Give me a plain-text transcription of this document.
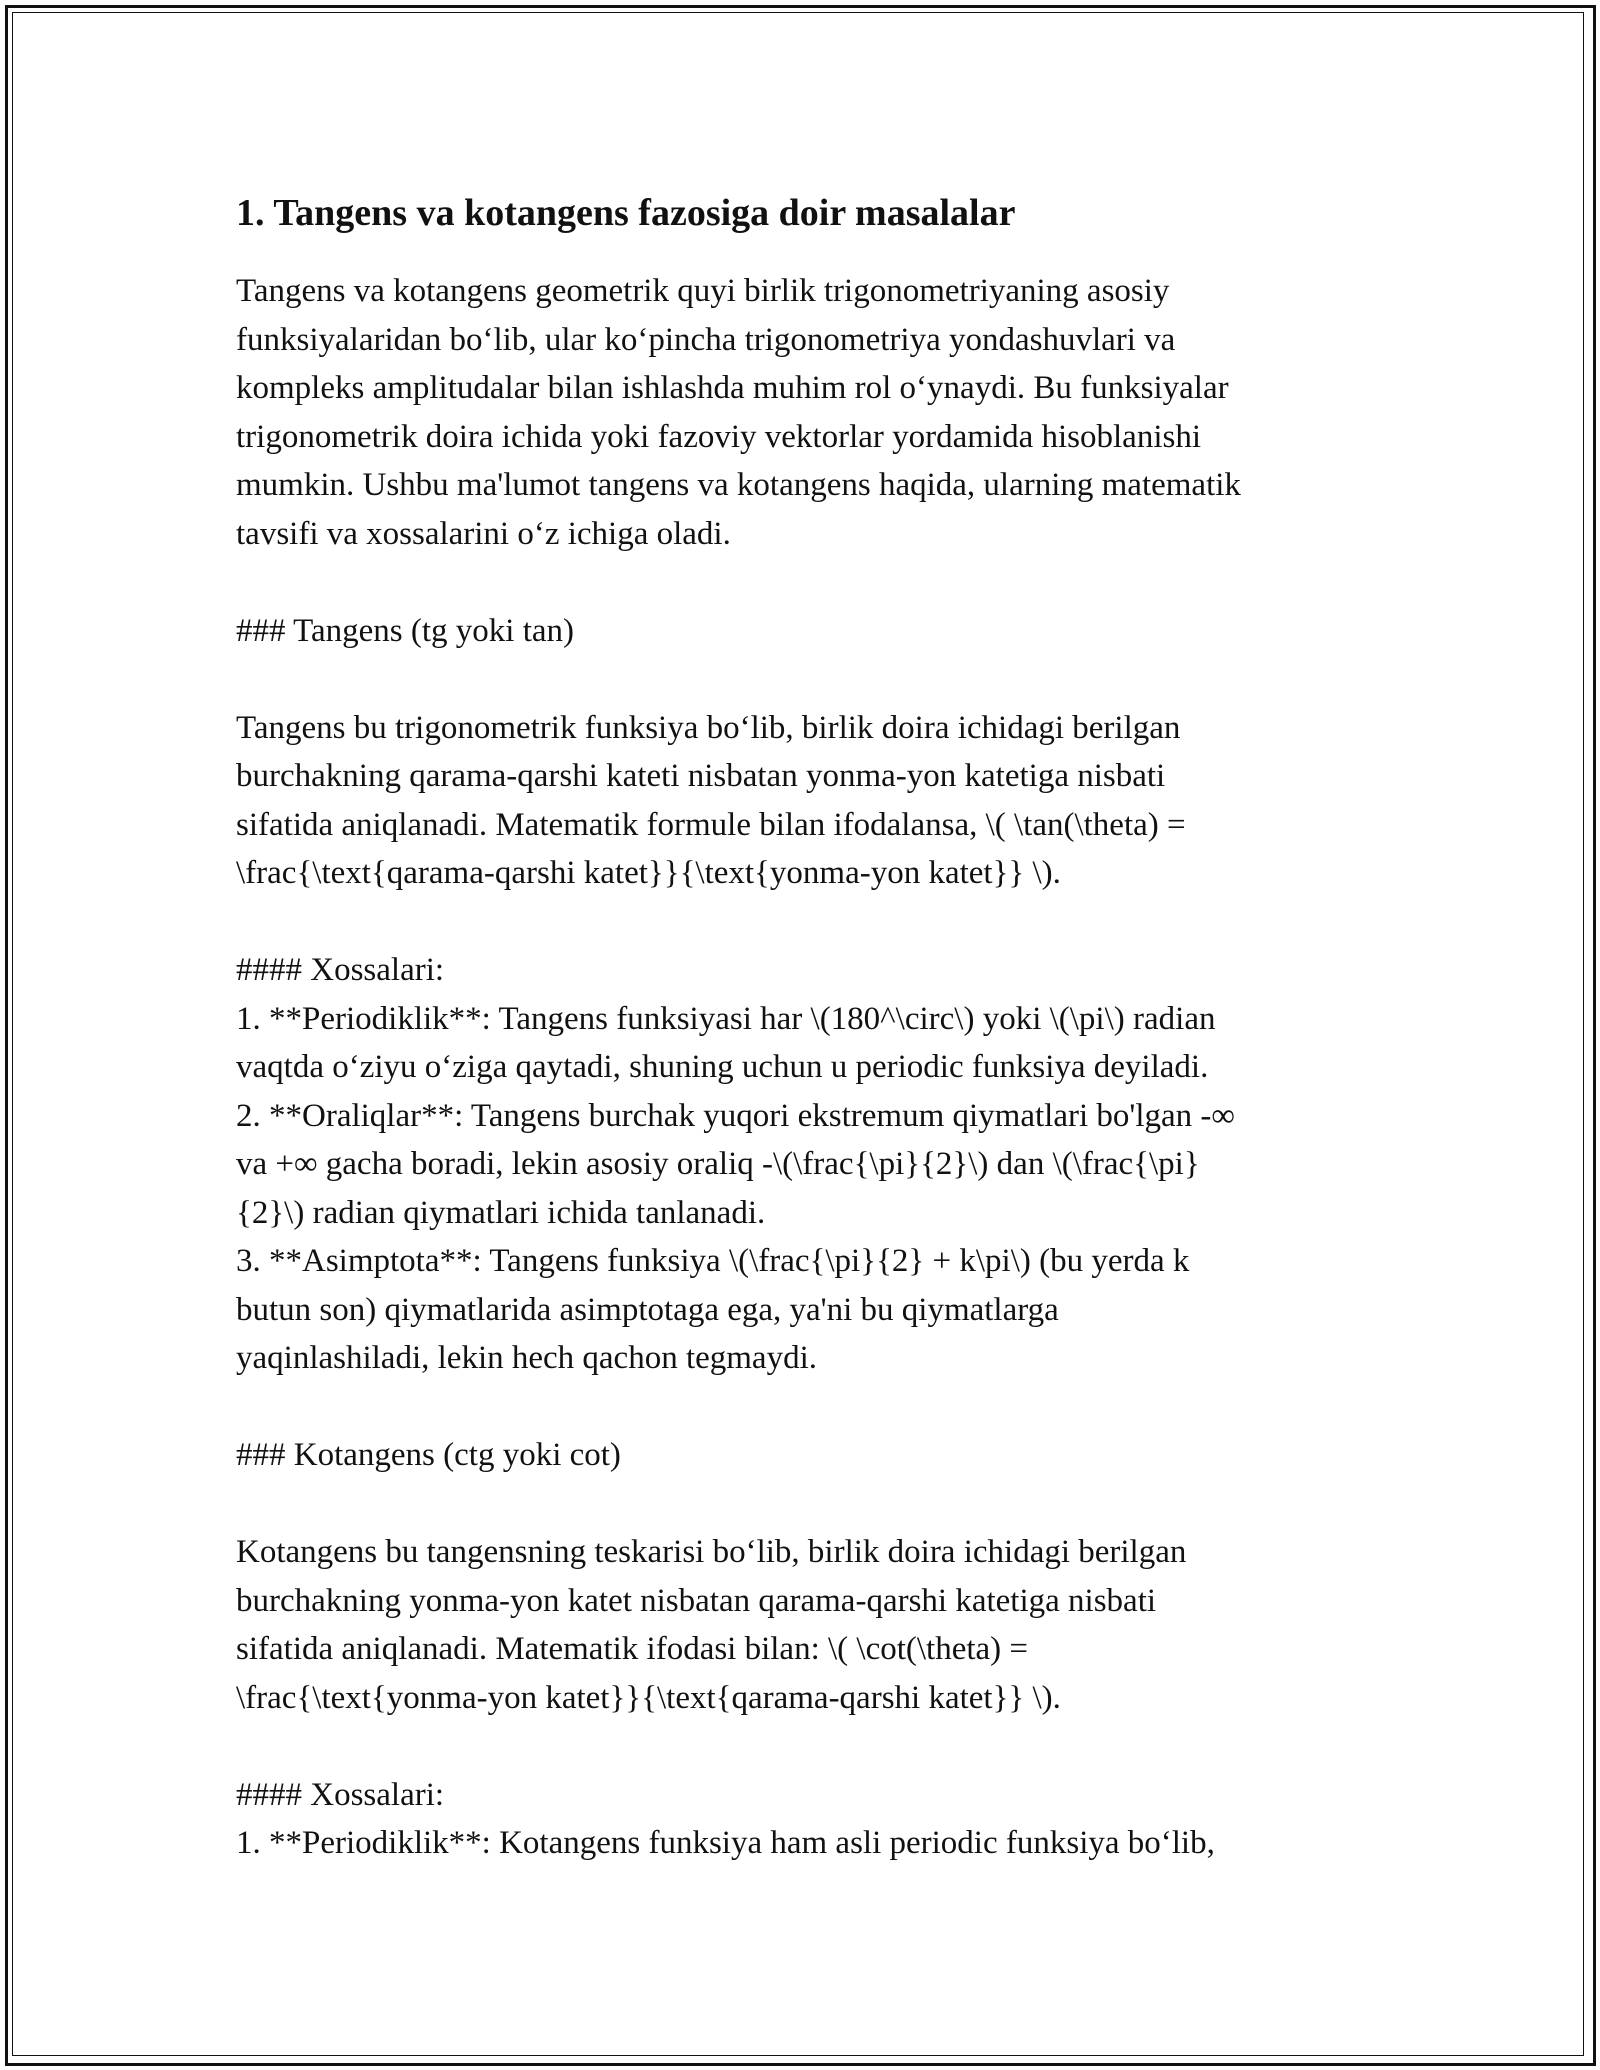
1. Tangens va kotangens fazosiga doir masalalar

Tangens va kotangens geometrik quyi birlik trigonometriyaning asosiy
funksiyalaridan bo‘lib, ular ko‘pincha trigonometriya yondashuvlari va
kompleks amplitudalar bilan ishlashda muhim rol o‘ynaydi. Bu funksiyalar
trigonometrik doira ichida yoki fazoviy vektorlar yordamida hisoblanishi
mumkin. Ushbu ma'lumot tangens va kotangens haqida, ularning matematik
tavsifi va xossalarini o‘z ichiga oladi.

### Tangens (tg yoki tan)

Tangens bu trigonometrik funksiya bo‘lib, birlik doira ichidagi berilgan
burchakning qarama-qarshi kateti nisbatan yonma-yon katetiga nisbati
sifatida aniqlanadi. Matematik formule bilan ifodalansa, \( \tan(\theta) =
\frac{\text{qarama-qarshi katet}}{\text{yonma-yon katet}} \).

#### Xossalari:
1. **Periodiklik**: Tangens funksiyasi har \(180^\circ\) yoki \(\pi\) radian
vaqtda o‘ziyu o‘ziga qaytadi, shuning uchun u periodic funksiya deyiladi.
2. **Oraliqlar**: Tangens burchak yuqori ekstremum qiymatlari bo'lgan -∞
va +∞ gacha boradi, lekin asosiy oraliq -\(\frac{\pi}{2}\) dan \(\frac{\pi}
{2}\) radian qiymatlari ichida tanlanadi.
3. **Asimptota**: Tangens funksiya \(\frac{\pi}{2} + k\pi\) (bu yerda k
butun son) qiymatlarida asimptotaga ega, ya'ni bu qiymatlarga
yaqinlashiladi, lekin hech qachon tegmaydi.

### Kotangens (ctg yoki cot)

Kotangens bu tangensning teskarisi bo‘lib, birlik doira ichidagi berilgan
burchakning yonma-yon katet nisbatan qarama-qarshi katetiga nisbati
sifatida aniqlanadi. Matematik ifodasi bilan: \( \cot(\theta) =
\frac{\text{yonma-yon katet}}{\text{qarama-qarshi katet}} \).

#### Xossalari:
1. **Periodiklik**: Kotangens funksiya ham asli periodic funksiya bo‘lib,
